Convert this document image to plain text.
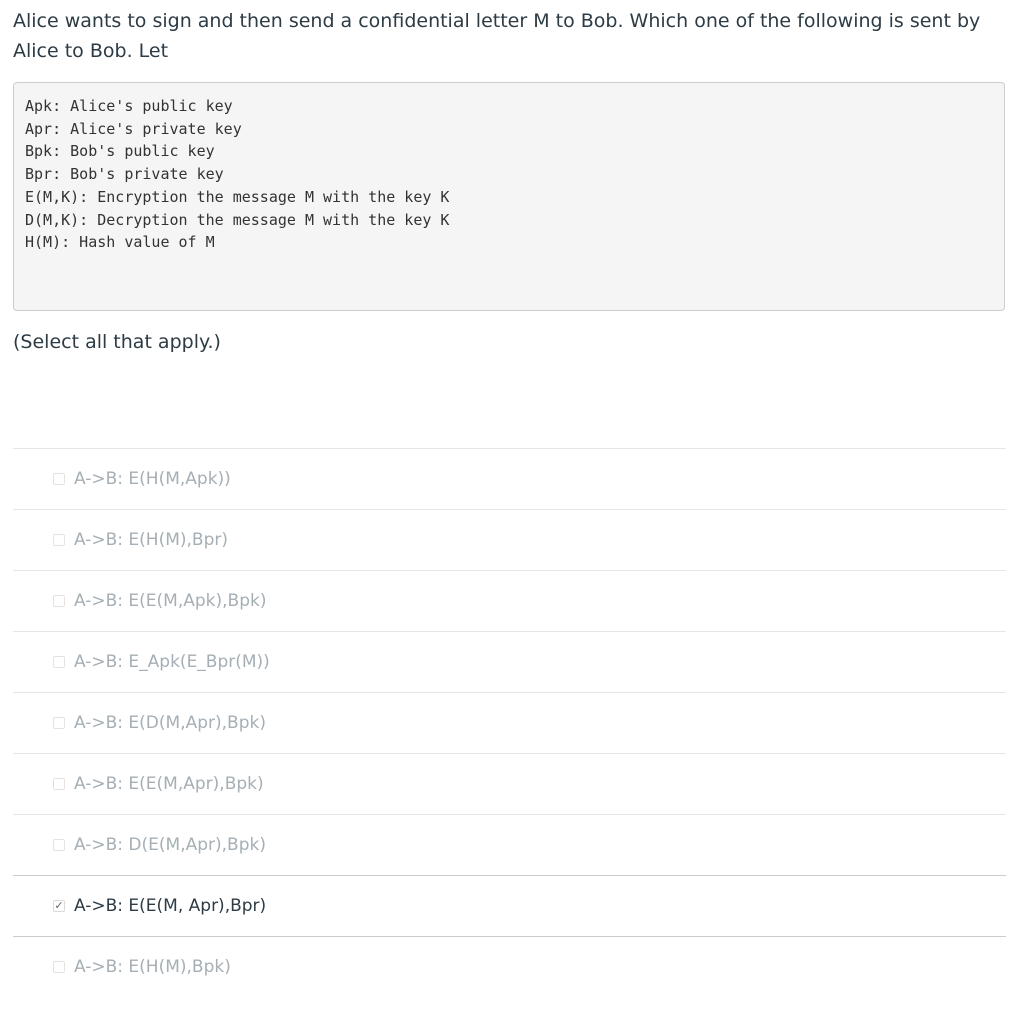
Alice wants to sign and then send a confidential letter M to Bob. Which one of the following is sent by Alice to Bob. Let
Apk: Alice's public key
Apr: Alice's private key
Bpk: Bob's public key
Bpr: Bob's private key
E(M,K): Encryption the message M with the key K
D(M,K): Decryption the message M with the key K
H(M): Hash value of M
(Select all that apply.)
A->B: E(H(M,Apk))
A->B: E(H(M),Bpr)
A->B: E(E(M,Apk),Bpk)
A->B: E_Apk(E_Bpr(M))
A->B: E(D(M,Apr),Bpk)
A->B: E(E(M,Apr),Bpk)
A->B: D(E(M,Apr),Bpk)
✓ A->B: E(E(M, Apr),Bpr)
A->B: E(H(M),Bpk)
